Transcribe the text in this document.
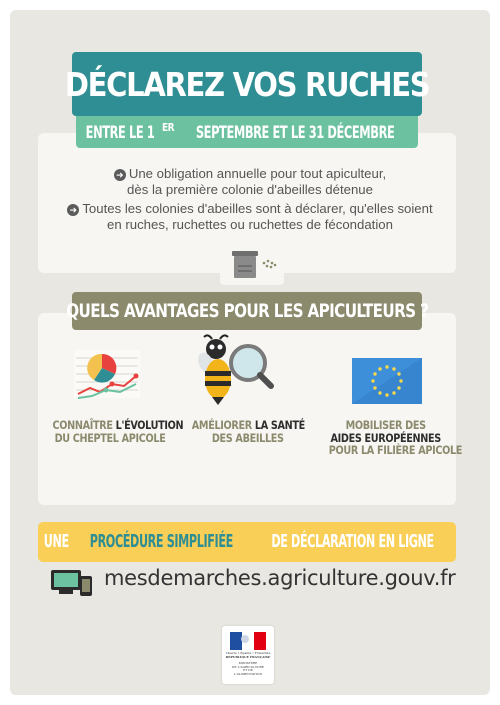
DÉCLAREZ VOS RUCHES
ENTRE LE 1 $^{ER}$SEPTEMBRE ET LE 31 DÉCEMBRE
➜ Une obligation annuelle pour tout apiculteur,
dès la première colonie d'abeilles détenue
➜ Toutes les colonies d'abeilles sont à déclarer, qu'elles soient
en ruches, ruchettes ou ruchettes de fécondation
QUELS AVANTAGES POUR LES APICULTEURS ?
CONNAÎTRE L'ÉVOLUTION
DU CHEPTEL APICOLE
AMÉLIORER LA SANTÉ
DES ABEILLES
MOBILISER DES
AIDES EUROPÉENNES
POUR LA FILIÈRE APICOLE
UNEPROCÉDURE SIMPLIFIÉEDE DÉCLARATION EN LIGNE
mesdemarches.agriculture.gouv.fr
Liberté • Égalité • Fraternité
RÉPUBLIQUE FRANÇAISE
MINISTÈRE
DE L'AGRICULTURE
ET DE
L'ALIMENTATION
